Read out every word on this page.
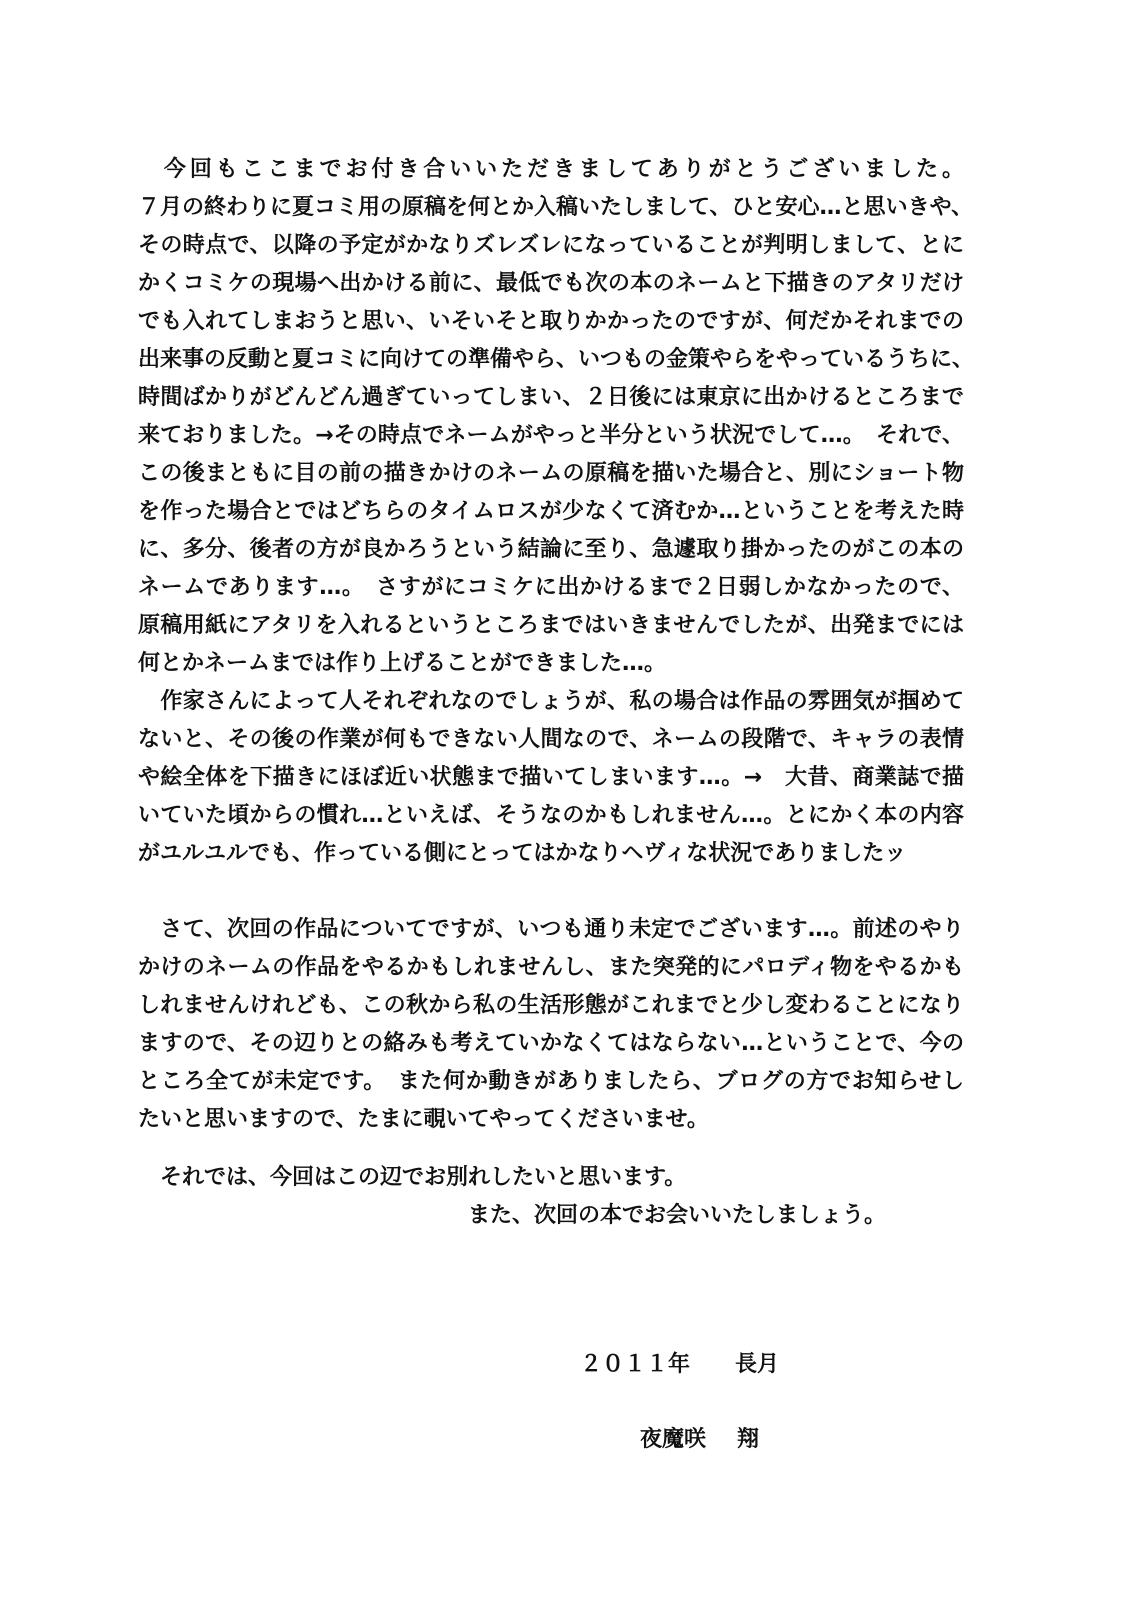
　今回もここまでお付き合いいただきましてありがとうございました。
７月の終わりに夏コミ用の原稿を何とか入稿いたしまして、ひと安心…と思いきや、
その時点で、以降の予定がかなりズレズレになっていることが判明しまして、とに
かくコミケの現場へ出かける前に、最低でも次の本のネームと下描きのアタリだけ
でも入れてしまおうと思い、いそいそと取りかかったのですが、何だかそれまでの
出来事の反動と夏コミに向けての準備やら、いつもの金策やらをやっているうちに、
時間ばかりがどんどん過ぎていってしまい、２日後には東京に出かけるところまで
来ておりました。→その時点でネームがやっと半分という状況でして…。　それで、
この後まともに目の前の描きかけのネームの原稿を描いた場合と、別にショート物
を作った場合とではどちらのタイムロスが少なくて済むか…ということを考えた時
に、多分、後者の方が良かろうという結論に至り、急遽取り掛かったのがこの本の
ネームであります…。　さすがにコミケに出かけるまで２日弱しかなかったので、
原稿用紙にアタリを入れるというところまではいきませんでしたが、出発までには
何とかネームまでは作り上げることができました…。
　作家さんによって人それぞれなのでしょうが、私の場合は作品の雰囲気が掴めて
ないと、その後の作業が何もできない人間なので、ネームの段階で、キャラの表情
や絵全体を下描きにほぼ近い状態まで描いてしまいます…。→　大昔、商業誌で描
いていた頃からの慣れ…といえば、そうなのかもしれません…。とにかく本の内容
がユルユルでも、作っている側にとってはかなりヘヴィな状況でありましたッ
　さて、次回の作品についてですが、いつも通り未定でございます…。前述のやり
かけのネームの作品をやるかもしれませんし、また突発的にパロディ物をやるかも
しれませんけれども、この秋から私の生活形態がこれまでと少し変わることになり
ますので、その辺りとの絡みも考えていかなくてはならない…ということで、今の
ところ全てが未定です。　また何か動きがありましたら、ブログの方でお知らせし
たいと思いますので、たまに覗いてやってくださいませ。
　それでは、今回はこの辺でお別れしたいと思います。
また、次回の本でお会いいたしましょう。
２０１１年 長月
夜魔咲 翔
